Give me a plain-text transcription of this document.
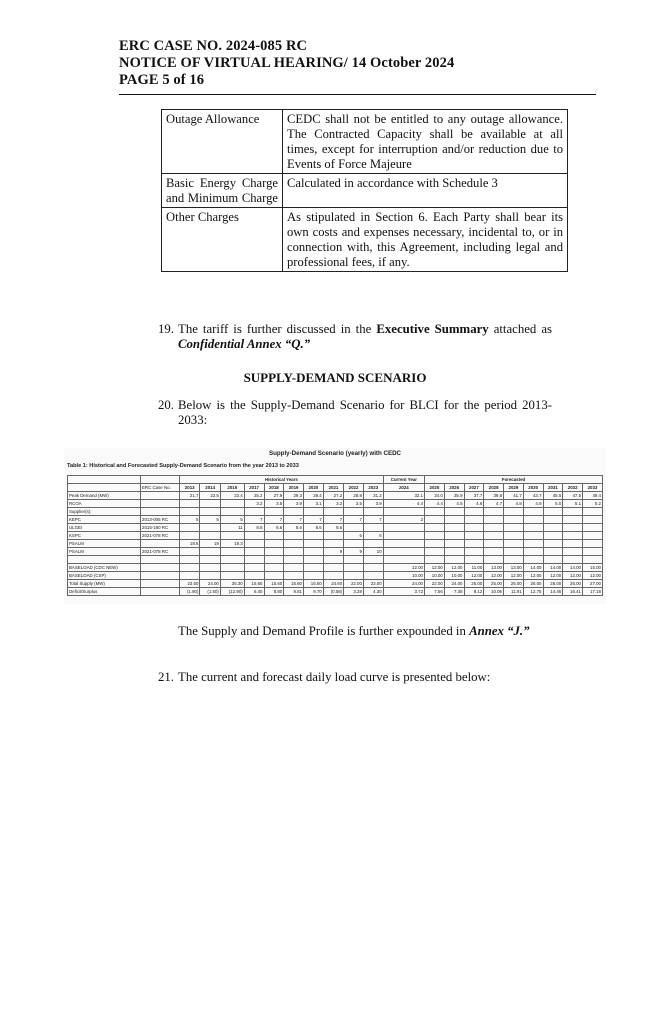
ERC CASE NO. 2024-085 RC
NOTICE OF VIRTUAL HEARING/ 14 October 2024
PAGE 5 of 16
Outage Allowance	CEDC shall not be entitled to any outage allowance. The Contracted Capacity shall be available at all times, except for interruption and/or reduction due to Events of Force Majeure

Basic Energy Charge and Minimum Charge	Calculated in accordance with Schedule 3
Other Charges	As stipulated in Section 6. Each Party shall bear its own costs and expenses necessary, incidental to, or in connection with, this Agreement, including legal and professional fees, if any.
19. The tariff is further discussed in the Executive Summary attached as Confidential Annex “Q.”
SUPPLY-DEMAND SCENARIO
20. Below is the Supply-Demand Scenario for BLCI for the period 2013-2033:
Supply-Demand Scenario (yearly) with CEDC
Table 1: Historical and Forecasted Supply-Demand Scenario from the year 2013 to 2033
		Historical Years										Current Year	Forecasted								
	ERC Case No.	2013	2014	2015	2017	2018	2019	2020	2021	2022	2023	2024	2025	2026	2027	2028	2029	2030	2031	2032	2033
Peak Demand (MW)		21.7	22.5	22.4	25.2	27.9	29.3	28.4	27.2	28.8	31.2	32.1	34.0	35.9	37.7	39.8	41.7	43.7	45.5	47.5	49.4
RCOA					3.2	3.5	3.9	3.1	3.2	3.5	3.9	4.4	4.4	4.5	4.6	4.7	4.8	4.9	5.0	5.1	5.2
Supplier(s):																					
KEPC	2013-006 RC	5	5	5	7	7	7	7	7	7	7	2									
ULGEI	2015-190 RC			11	8.6	8.6	8.6	8.6	8.6												
KSPC	2021-078 RC									6	6										
PSALM		18.5	19	19.3																	
PSALM	2021-078 RC								9	9	10										

BASELOAD (CDC NEW)												12.00	12.00	12.00	11.00	13.00	13.00	14.00	14.00	14.00	15.00
BASELOAD (CSP)												10.00	10.00	10.00	12.00	12.00	12.00	12.00	12.00	12.00	12.00
Total Supply (MW)		23.50	24.00	35.30	15.60	15.60	15.60	15.60	24.60	22.00	23.00	24.00	22.00	24.00	25.00	25.00	25.00	26.00	26.00	26.00	27.00
Deficit/Surplus		(1.80)	(1.50)	(12.90)	6.40	8.80	9.81	9.70	(0.58)	3.28	4.30	3.72	7.56	7.38	8.12	10.06	11.91	12.75	14.46	16.41	17.18
The Supply and Demand Profile is further expounded in Annex “J.”
21. The current and forecast daily load curve is presented below:
